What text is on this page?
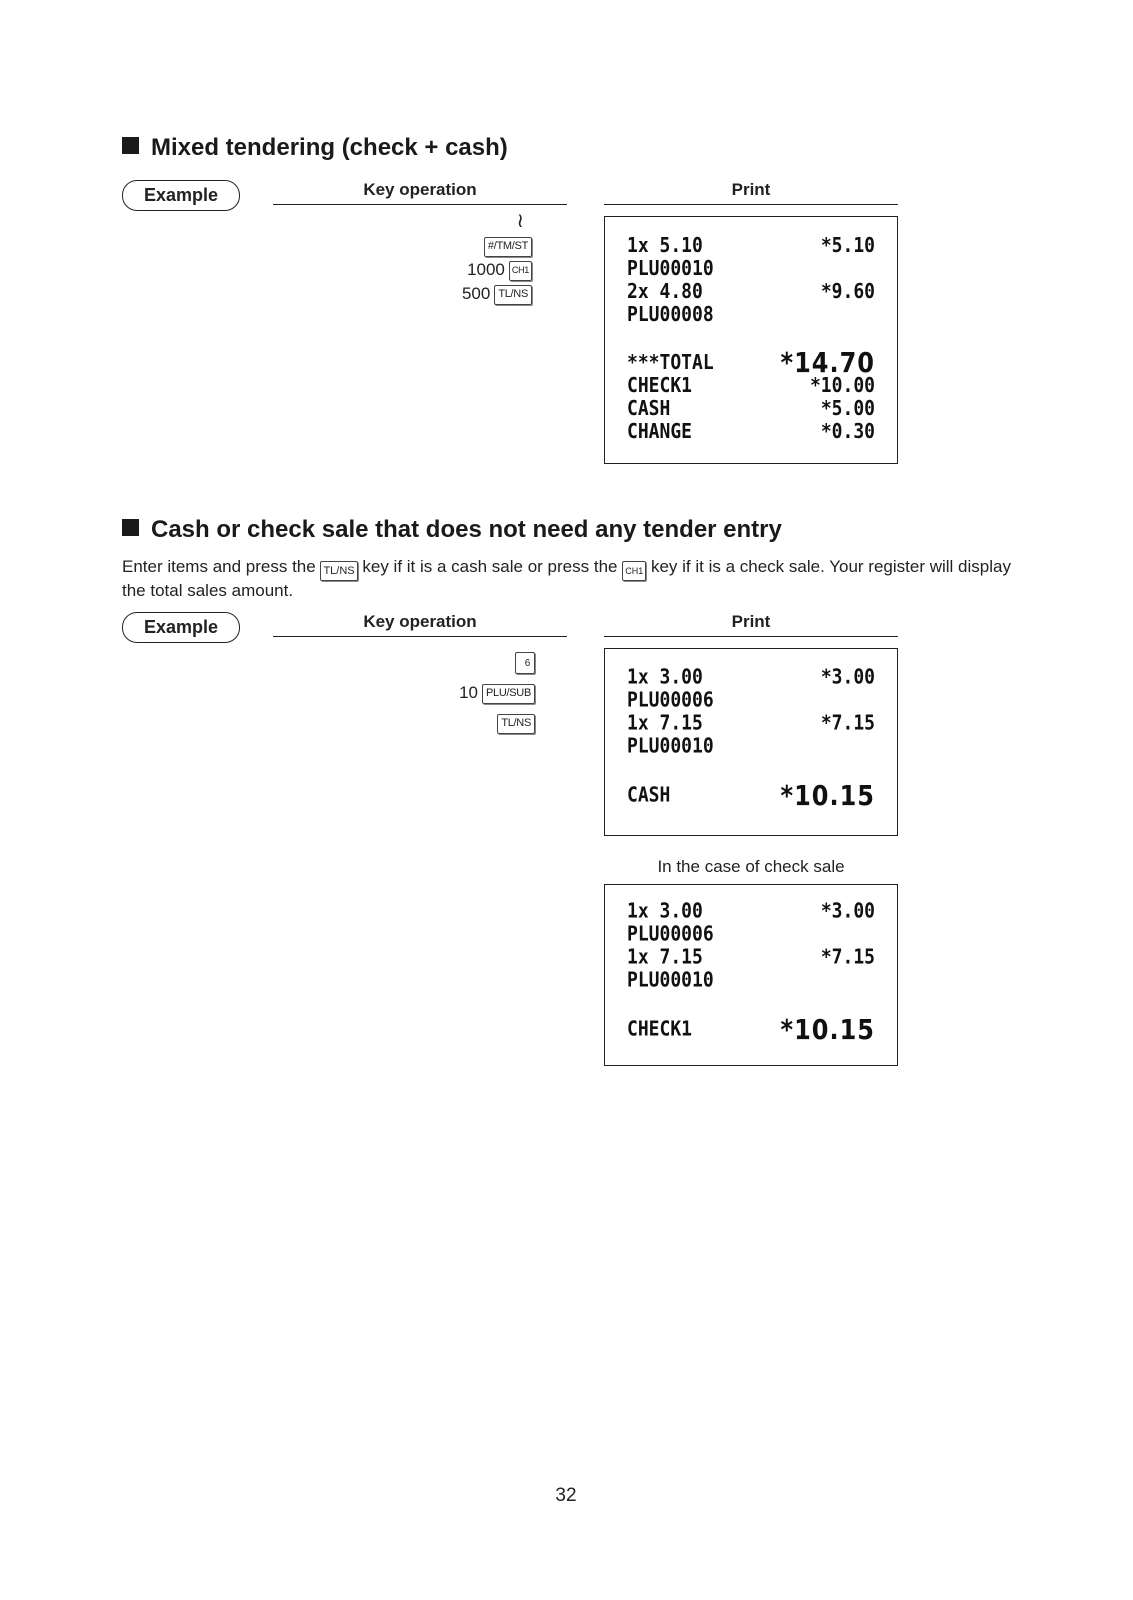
Mixed tendering (check + cash)
Example	Key operation	Print
≀
#/TM/ST
1000 CH1
500 TL/NS
1x 5.10	*5.10
PLU00010
2x 4.80	*9.60
PLU00008
***TOTAL	*14.70
CHECK1	*10.00
CASH	*5.00
CHANGE	*0.30
Cash or check sale that does not need any tender entry
Enter items and press the TL/NS key if it is a cash sale or press the CH1 key if it is a check sale. Your register will display the total sales amount.
Example	Key operation	Print
6
10 PLU/SUB
TL/NS
1x 3.00	*3.00
PLU00006
1x 7.15	*7.15
PLU00010
CASH	*10.15
In the case of check sale
1x 3.00	*3.00
PLU00006
1x 7.15	*7.15
PLU00010
CHECK1	*10.15
32
